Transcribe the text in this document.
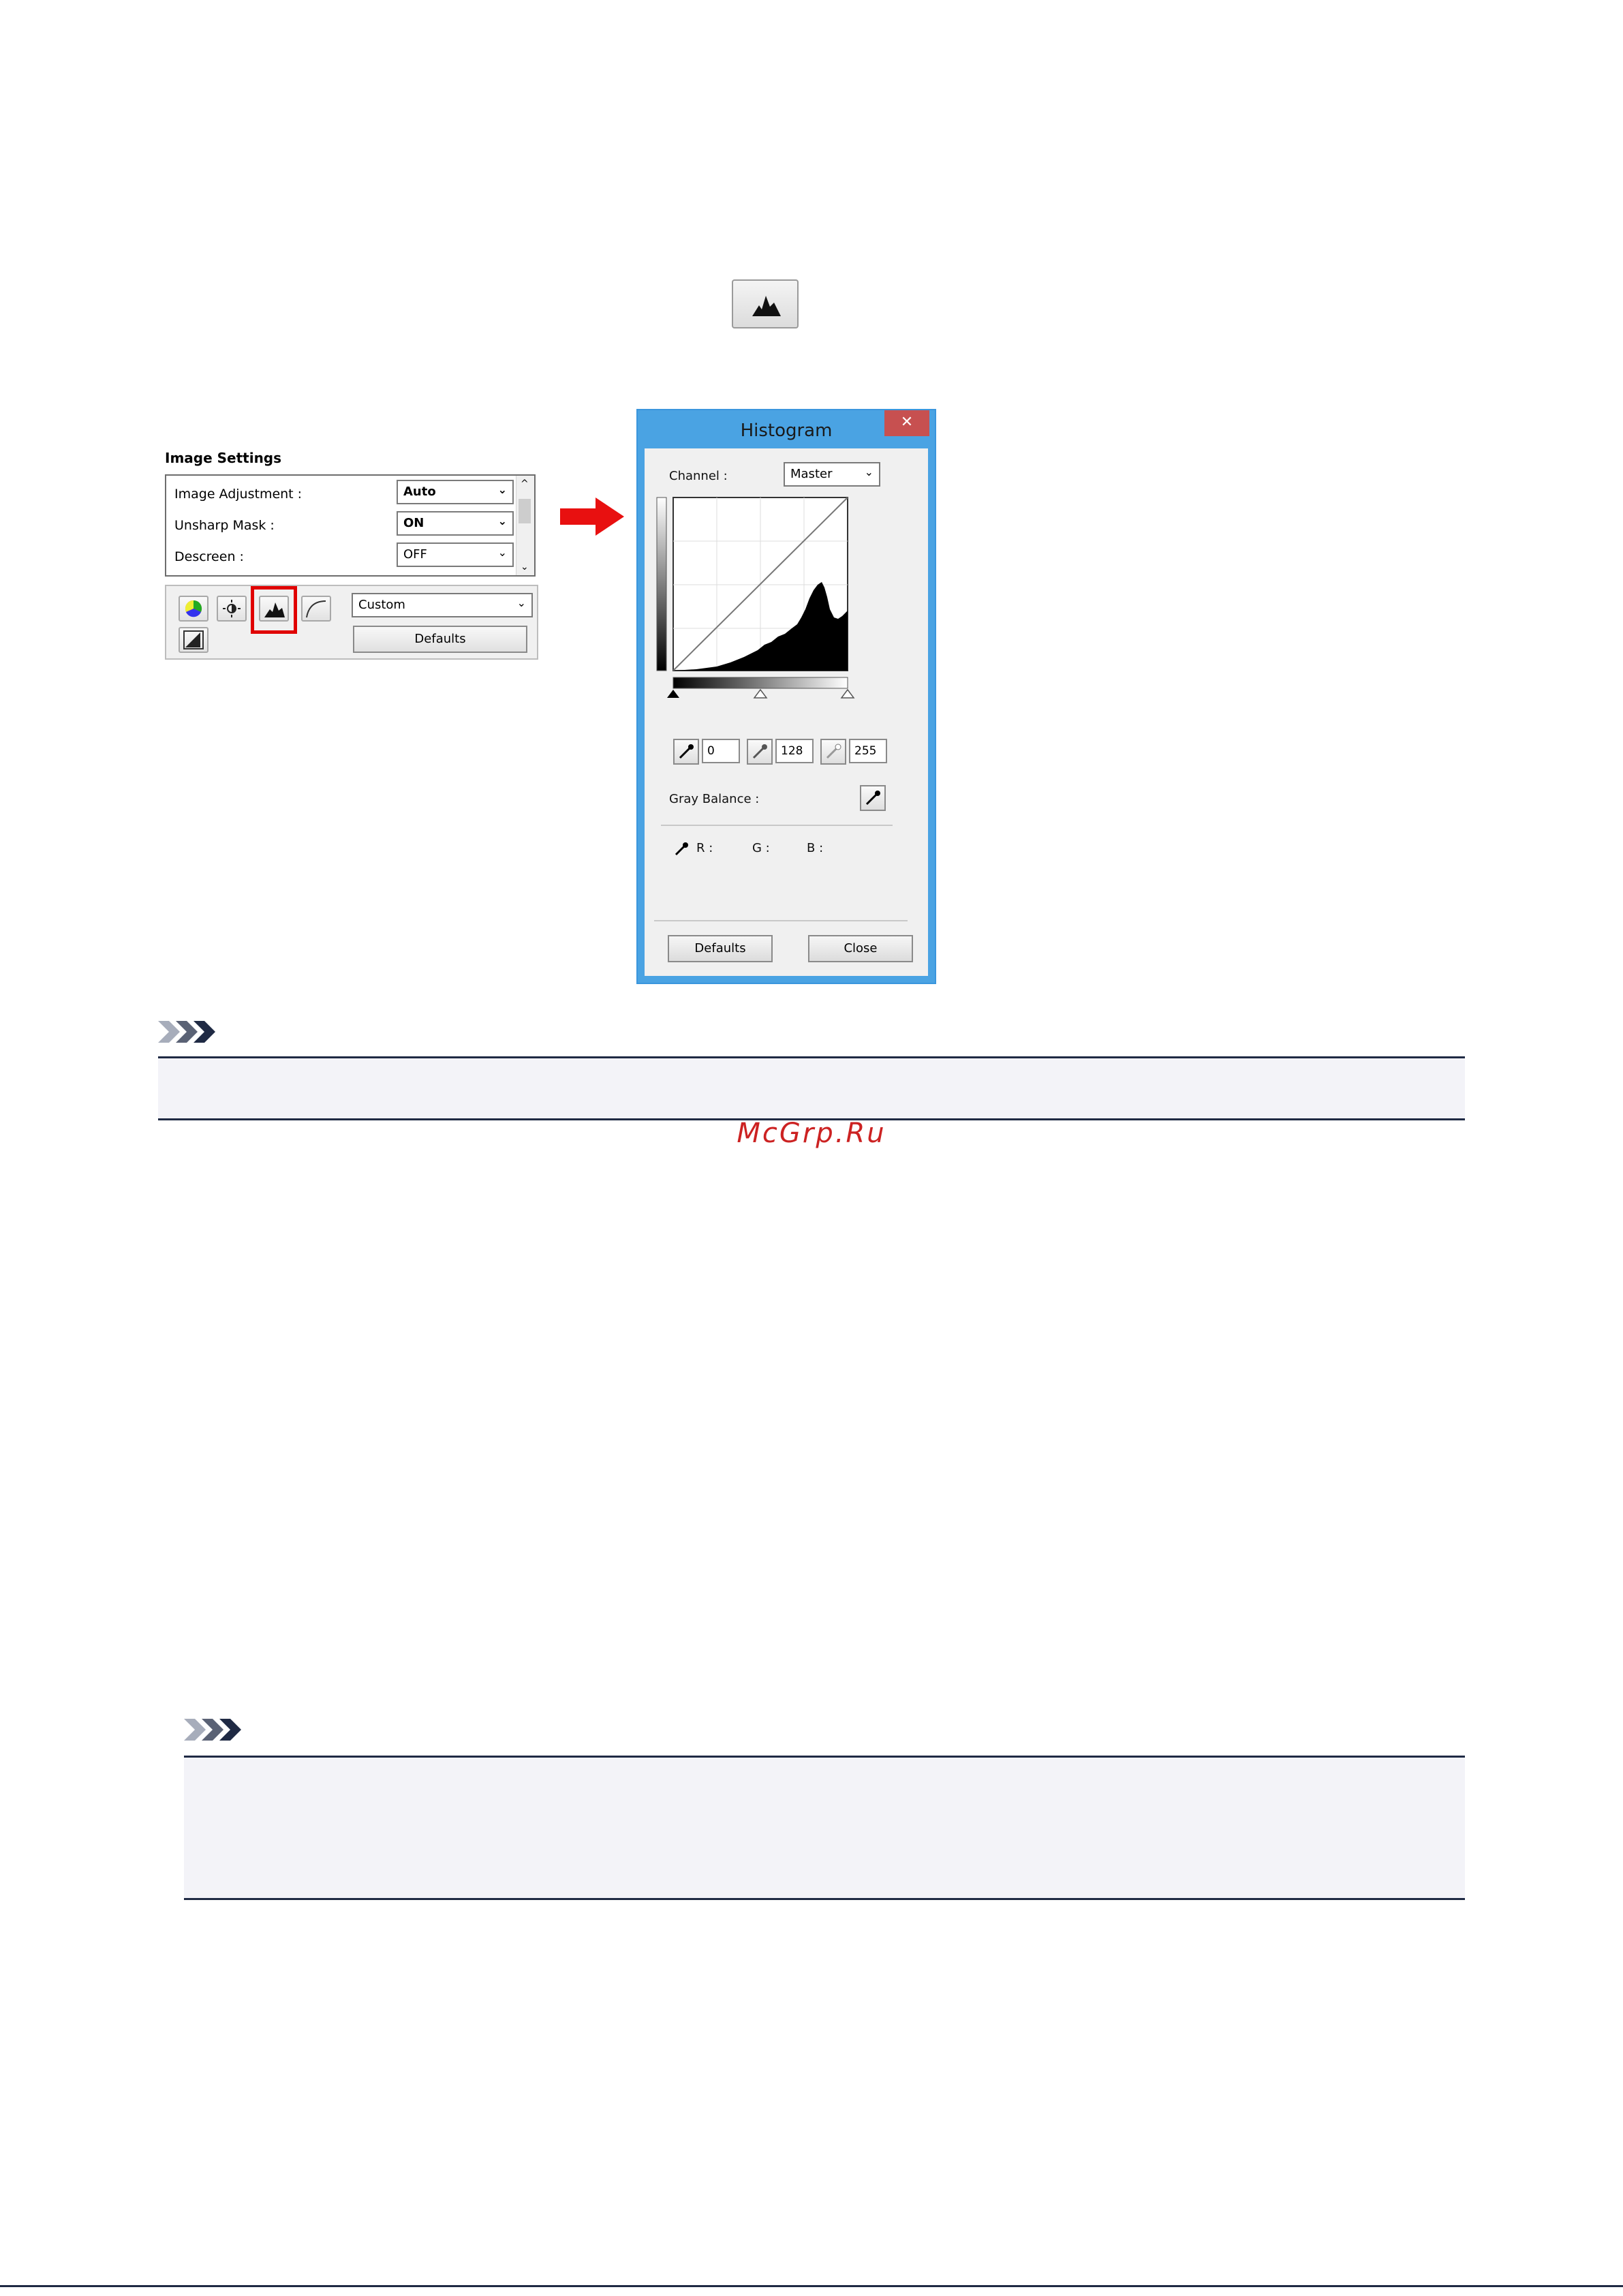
Image Settings
Image Adjustment :	Auto	⌄
Unsharp Mask :	ON	⌄
Descreen :	OFF	⌄
^
⌄
Custom	⌄
Defaults
Histogram	✕
Channel :	Master	⌄
0	128	255
Gray Balance :
R :	G :	B :
Defaults	Close
McGrp.Ru
